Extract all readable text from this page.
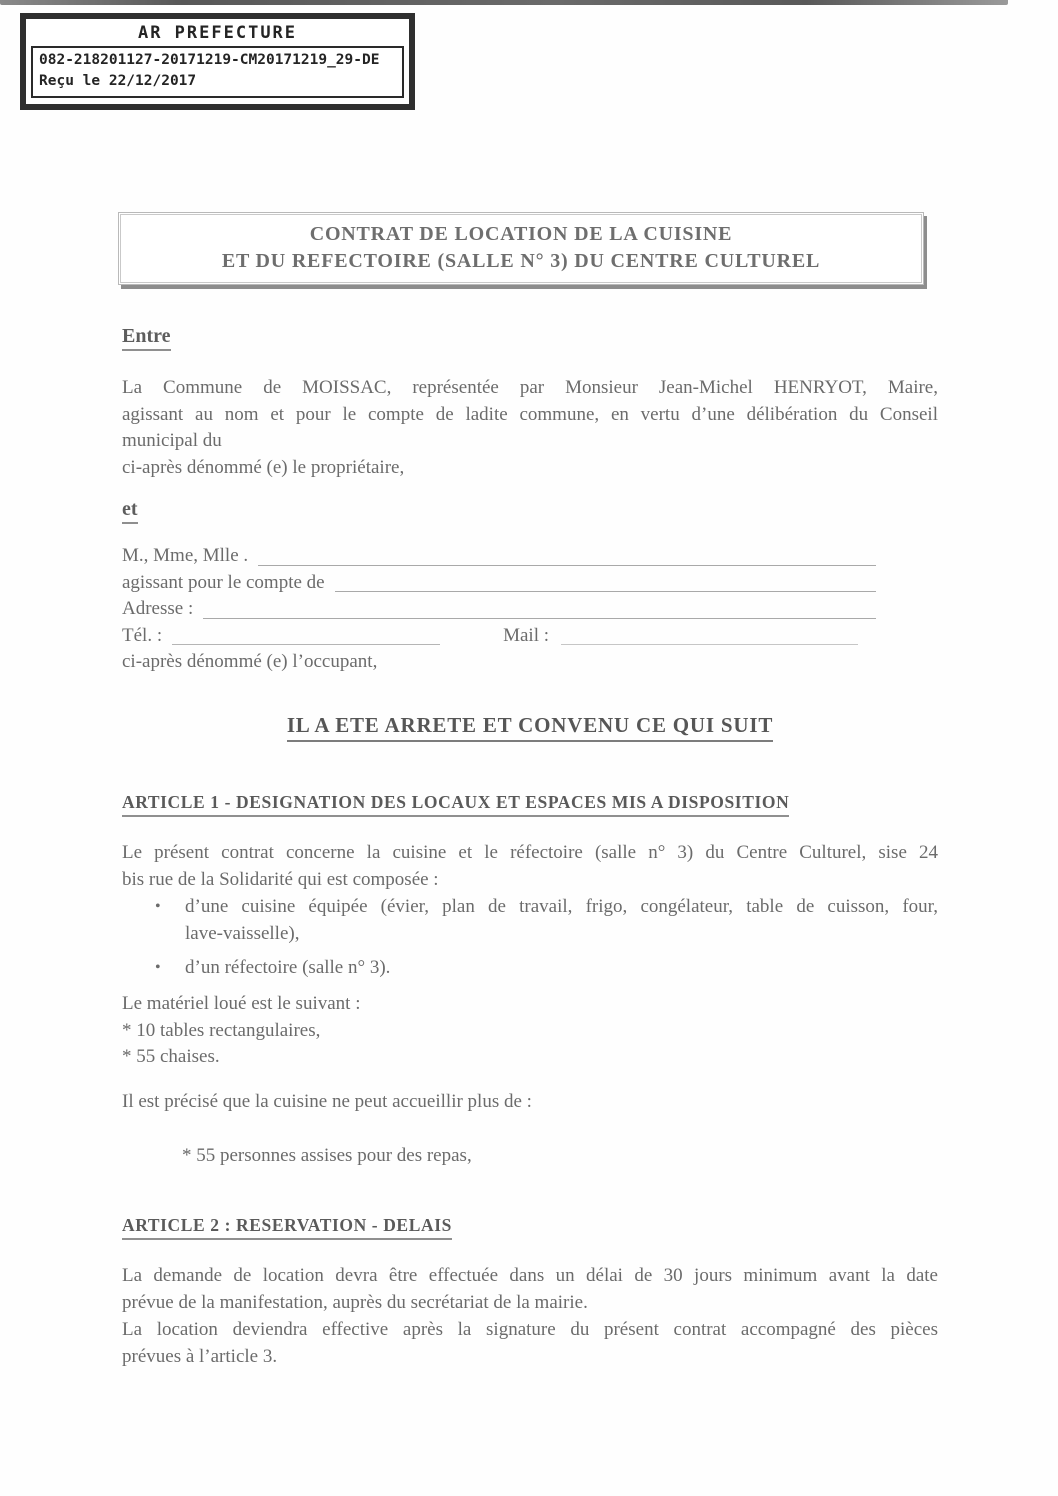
AR PREFECTURE
082-218201127-20171219-CM20171219_29-DE
Reçu le 22/12/2017
CONTRAT DE LOCATION DE LA CUISINE
ET DU REFECTOIRE (SALLE N° 3) DU CENTRE CULTUREL
Entre
La Commune de MOISSAC, représentée par Monsieur Jean-Michel HENRYOT, Maire,
agissant au nom et pour le compte de ladite commune, en vertu d’une délibération du Conseil
municipal du
ci-après dénommé (e) le propriétaire,
et
M., Mme, Mlle .
agissant pour le compte de
Adresse :
Tél. :	Mail :
ci-après dénommé (e) l’occupant,
IL A ETE ARRETE ET CONVENU CE QUI SUIT
ARTICLE 1 - DESIGNATION DES LOCAUX ET ESPACES MIS A DISPOSITION
Le présent contrat concerne la cuisine et le réfectoire (salle n° 3) du Centre Culturel, sise 24
bis rue de la Solidarité qui est composée :
• d’une cuisine équipée (évier, plan de travail, frigo, congélateur, table de cuisson, four,
lave-vaisselle),
• d’un réfectoire (salle n° 3).
Le matériel loué est le suivant :
* 10 tables rectangulaires,
* 55 chaises.
Il est précisé que la cuisine ne peut accueillir plus de :
* 55 personnes assises pour des repas,
ARTICLE 2 : RESERVATION - DELAIS
La demande de location devra être effectuée dans un délai de 30 jours minimum avant la date
prévue de la manifestation, auprès du secrétariat de la mairie.
La location deviendra effective après la signature du présent contrat accompagné des pièces
prévues à l’article 3.
